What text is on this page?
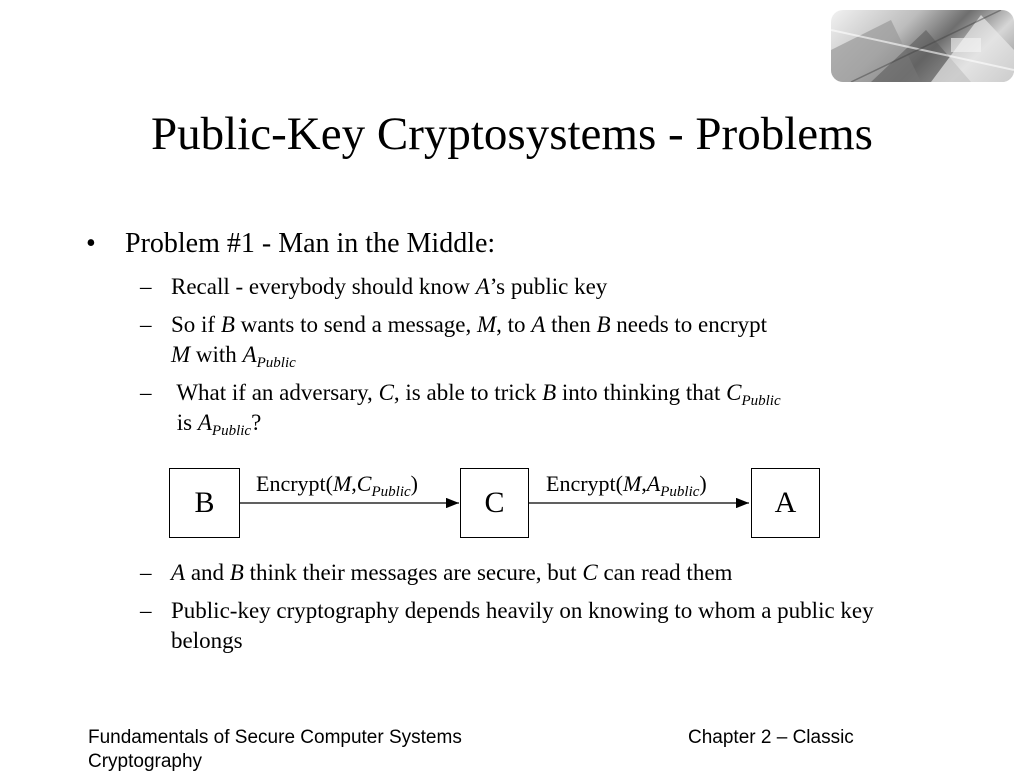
Public-Key Cryptosystems - Problems
• Problem #1 - Man in the Middle:
– Recall - everybody should know A’s public key
– So if B wants to send a message, M, to A then B needs to encrypt
M with $A_{Public}$
– What if an adversary, C, is able to trick B into thinking that $C_{Public}$
is $A_{Public}$?
B	C	A
$Encrypt(M,C_{Public})$	$Encrypt(M,A_{Public})$
– A and B think their messages are secure, but C can read them
– Public-key cryptography depends heavily on knowing to whom a public key belongs
Fundamentals of Secure Computer Systems	Chapter 2 – Classic
Cryptography
